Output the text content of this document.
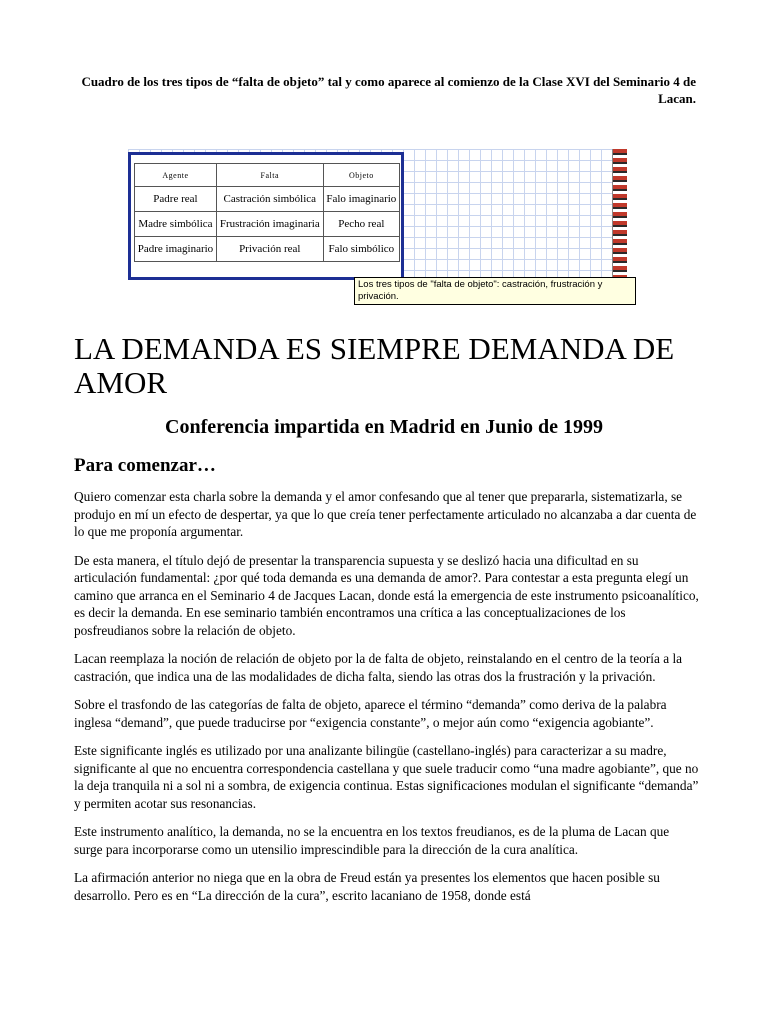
Cuadro de los tres tipos de “falta de objeto” tal y como aparece al comienzo de la Clase XVI del Seminario 4 de Lacan.
Agente	Falta	Objeto
Padre real	Castración simbólica	Falo imaginario
Madre simbólica	Frustración imaginaria	Pecho real
Padre imaginario	Privación real	Falo simbólico
Los tres tipos de "falta de objeto": castración, frustración y privación.
LA DEMANDA ES SIEMPRE DEMANDA DE AMOR
Conferencia impartida en Madrid en Junio de 1999
Para comenzar…

Quiero comenzar esta charla sobre la demanda y el amor confesando que al tener que prepararla, sistematizarla, se produjo en mí un efecto de despertar, ya que lo que creía tener perfectamente articulado no alcanzaba a dar cuenta de lo que me proponía argumentar.

De esta manera, el título dejó de presentar la transparencia supuesta y se deslizó hacia una dificultad en su articulación fundamental: ¿por qué toda demanda es una demanda de amor?. Para contestar a esta pregunta elegí un camino que arranca en el Seminario 4 de Jacques Lacan, donde está la emergencia de este instrumento psicoanalítico, es decir la demanda. En ese seminario también encontramos una crítica a las conceptualizaciones de los posfreudianos sobre la relación de objeto.

Lacan reemplaza la noción de relación de objeto por la de falta de objeto, reinstalando en el centro de la teoría a la castración, que indica una de las modalidades de dicha falta, siendo las otras dos la frustración y la privación.

Sobre el trasfondo de las categorías de falta de objeto, aparece el término “demanda” como deriva de la palabra inglesa “demand”, que puede traducirse por “exigencia constante”, o mejor aún como “exigencia agobiante”.

Este significante inglés es utilizado por una analizante bilingüe (castellano-inglés) para caracterizar a su madre, significante al que no encuentra correspondencia castellana y que suele traducir como “una madre agobiante”, que no la deja tranquila ni a sol ni a sombra, de exigencia continua. Estas significaciones modulan el significante “demanda” y permiten acotar sus resonancias.

Este instrumento analítico, la demanda, no se la encuentra en los textos freudianos, es de la pluma de Lacan que surge para incorporarse como un utensilio imprescindible para la dirección de la cura analítica.

La afirmación anterior no niega que en la obra de Freud están ya presentes los elementos que hacen posible su desarrollo. Pero es en “La dirección de la cura”, escrito lacaniano de 1958, donde está
